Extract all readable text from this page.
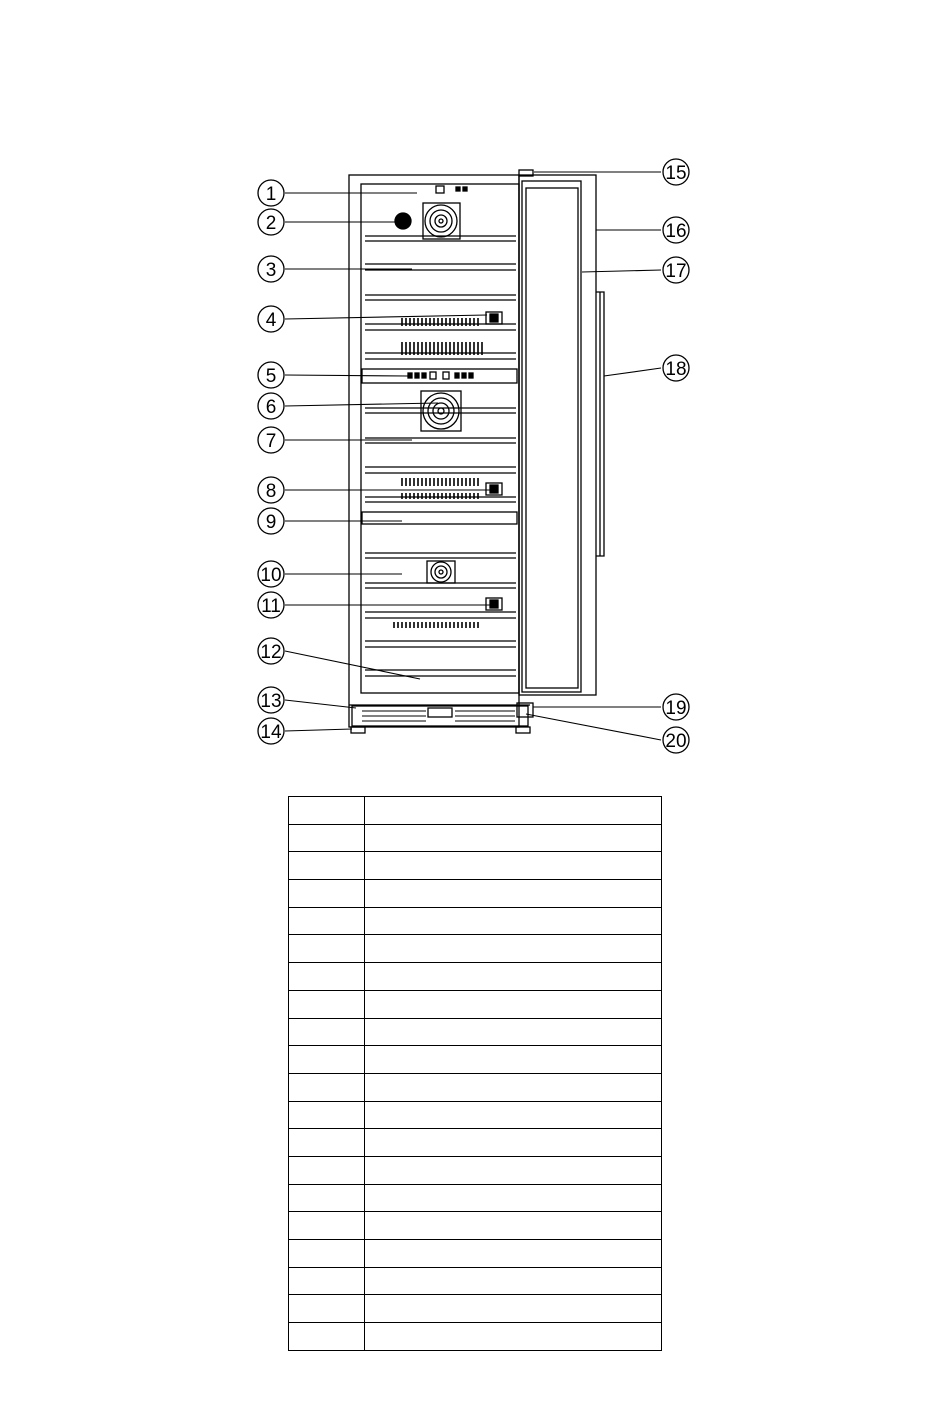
1
2
3
4
5
6
7
8
9
10
11
12
13
14
15
16
17
18
19
20
